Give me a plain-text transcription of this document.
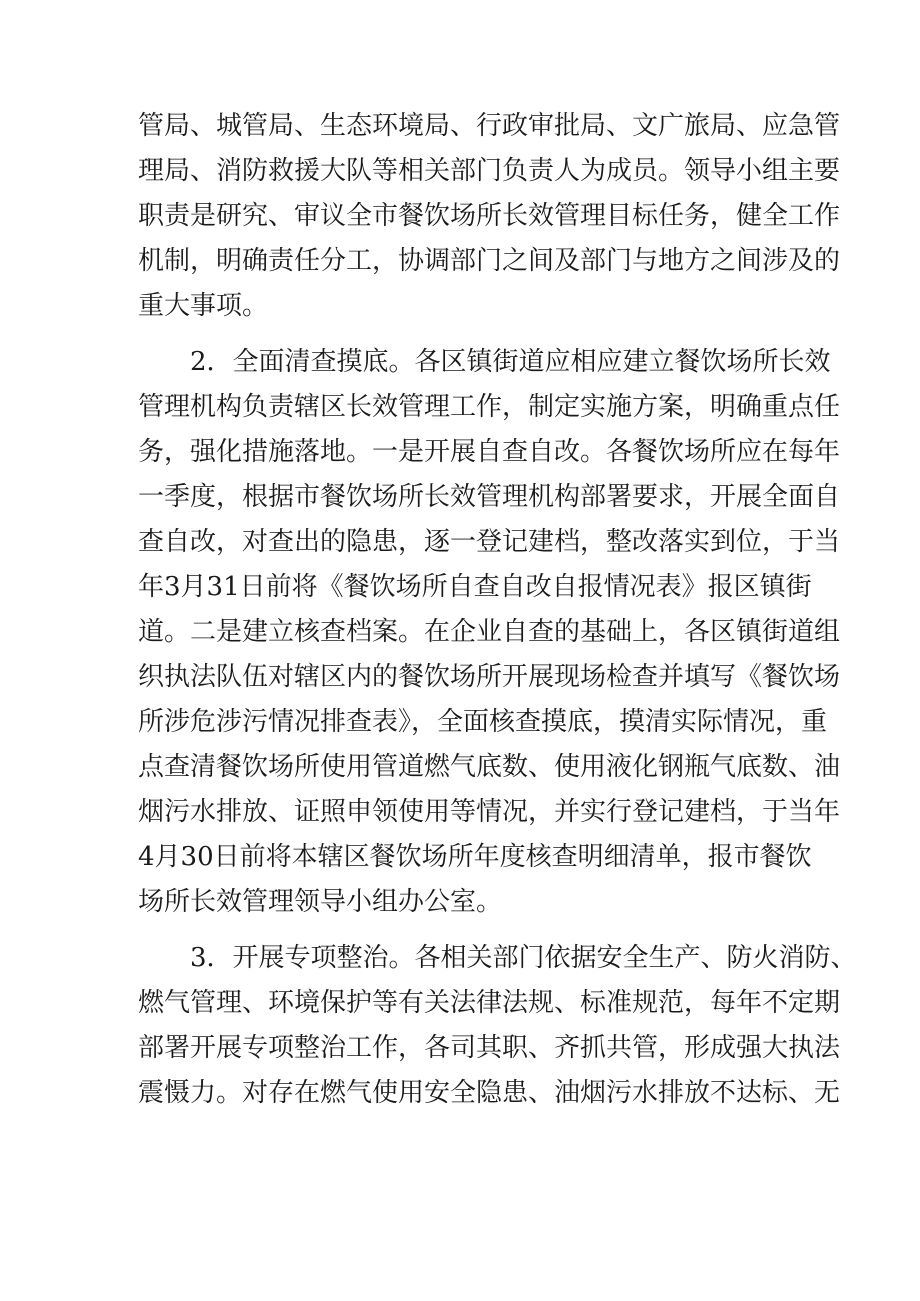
管局、城管局、生态环境局、行政审批局、文广旅局、应急管
理局、消防救援大队等相关部门负责人为成员。领导小组主要
职责是研究、审议全市餐饮场所长效管理目标任务，健全工作
机制，明确责任分工，协调部门之间及部门与地方之间涉及的
重大事项。
2．全面清查摸底。各区镇街道应相应建立餐饮场所长效
管理机构负责辖区长效管理工作，制定实施方案，明确重点任
务，强化措施落地。一是开展自查自改。各餐饮场所应在每年
一季度，根据市餐饮场所长效管理机构部署要求，开展全面自
查自改，对查出的隐患，逐一登记建档，整改落实到位，于当
年3月31日前将《餐饮场所自查自改自报情况表》报区镇街
道。二是建立核查档案。在企业自查的基础上，各区镇街道组
织执法队伍对辖区内的餐饮场所开展现场检查并填写《餐饮场
所涉危涉污情况排查表》，全面核查摸底，摸清实际情况，重
点查清餐饮场所使用管道燃气底数、使用液化钢瓶气底数、油
烟污水排放、证照申领使用等情况，并实行登记建档，于当年
4月30日前将本辖区餐饮场所年度核查明细清单，报市餐饮
场所长效管理领导小组办公室。
3．开展专项整治。各相关部门依据安全生产、防火消防、
燃气管理、环境保护等有关法律法规、标准规范，每年不定期
部署开展专项整治工作，各司其职、齐抓共管，形成强大执法
震慑力。对存在燃气使用安全隐患、油烟污水排放不达标、无
